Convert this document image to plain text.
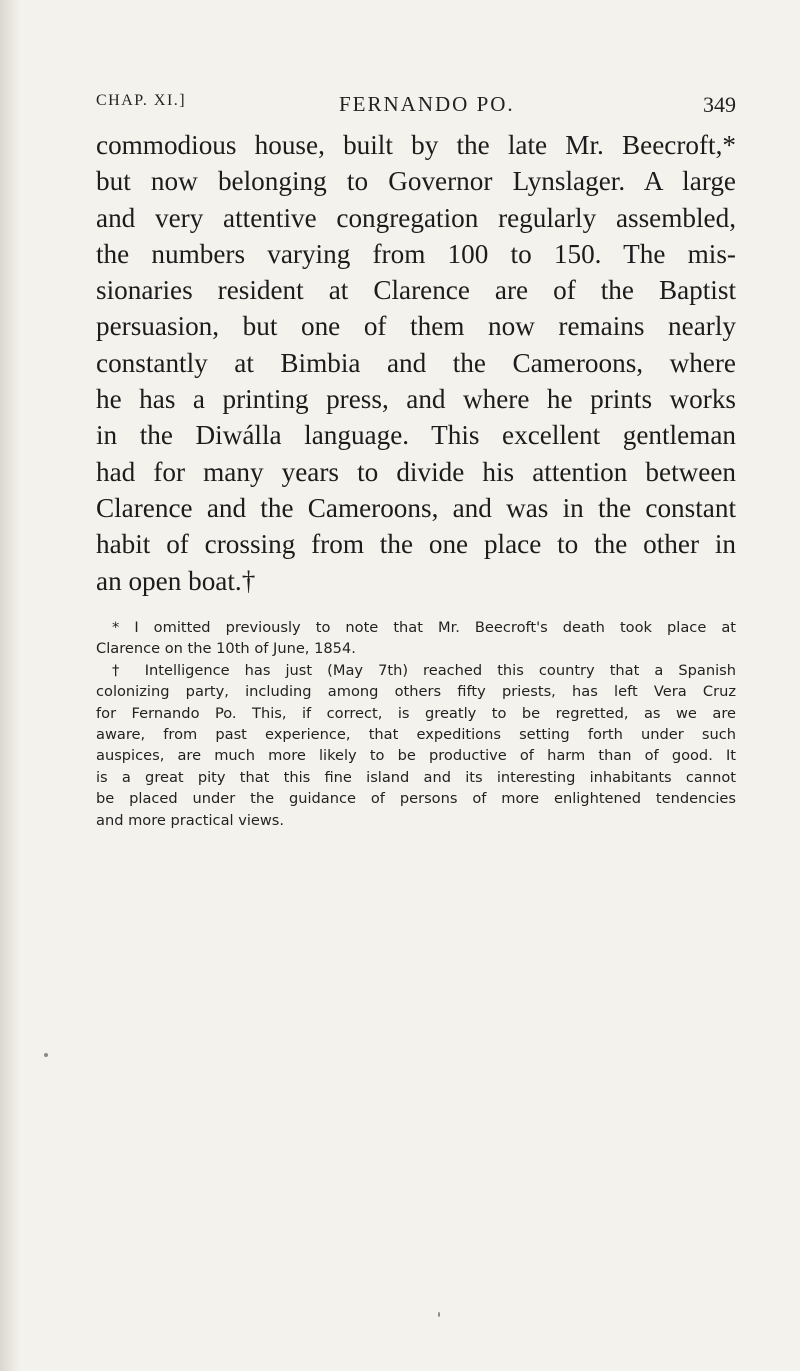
CHAP. XI.]	FERNANDO PO.	349
commodious house, built by the late Mr. Beecroft,*
but now belonging to Governor Lynslager. A large
and very attentive congregation regularly assembled,
the numbers varying from 100 to 150. The mis-
sionaries resident at Clarence are of the Baptist
persuasion, but one of them now remains nearly
constantly at Bimbia and the Cameroons, where
he has a printing press, and where he prints works
in the Diwálla language. This excellent gentleman
had for many years to divide his attention between
Clarence and the Cameroons, and was in the constant
habit of crossing from the one place to the other in
an open boat.†
* I omitted previously to note that Mr. Beecroft's death took place at
Clarence on the 10th of June, 1854.
† Intelligence has just (May 7th) reached this country that a Spanish
colonizing party, including among others fifty priests, has left Vera Cruz
for Fernando Po. This, if correct, is greatly to be regretted, as we are
aware, from past experience, that expeditions setting forth under such
auspices, are much more likely to be productive of harm than of good. It
is a great pity that this fine island and its interesting inhabitants cannot
be placed under the guidance of persons of more enlightened tendencies
and more practical views.
